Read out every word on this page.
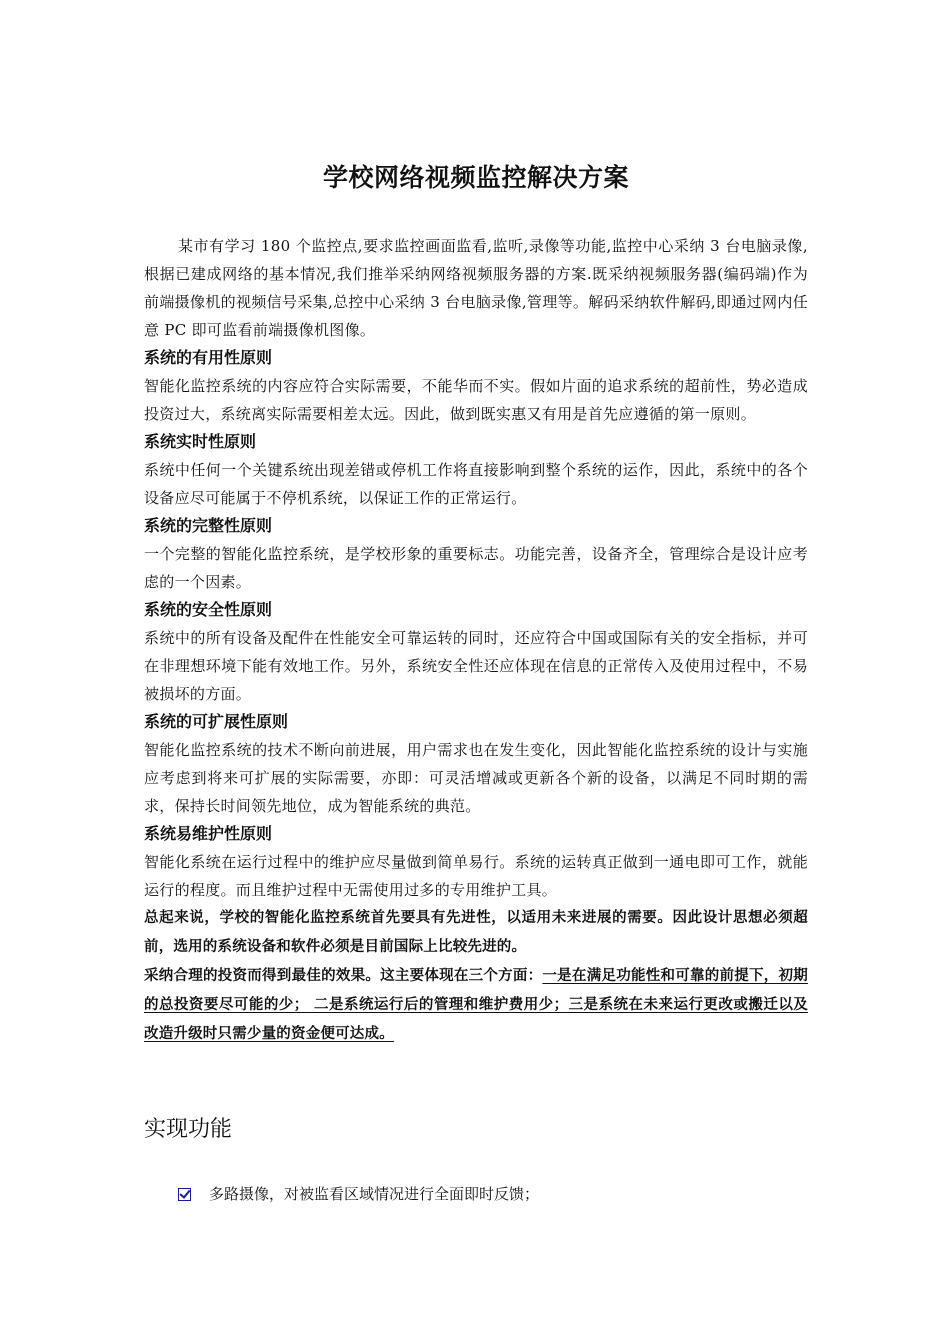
学校网络视频监控解决方案

某市有学习 180 个监控点,要求监控画面监看,监听,录像等功能,监控中心采纳 3 台电脑录像,根据已建成网络的基本情况,我们推举采纳网络视频服务器的方案.既采纳视频服务器(编码端)作为前端摄像机的视频信号采集,总控中心采纳 3 台电脑录像,管理等。解码采纳软件解码,即通过网内任意 PC 即可监看前端摄像机图像。

系统的有用性原则

智能化监控系统的内容应符合实际需要，不能华而不实。假如片面的追求系统的超前性，势必造成投资过大，系统离实际需要相差太远。因此，做到既实惠又有用是首先应遵循的第一原则。

系统实时性原则

系统中任何一个关键系统出现差错或停机工作将直接影响到整个系统的运作，因此，系统中的各个设备应尽可能属于不停机系统，以保证工作的正常运行。

系统的完整性原则

一个完整的智能化监控系统，是学校形象的重要标志。功能完善，设备齐全，管理综合是设计应考虑的一个因素。

系统的安全性原则

系统中的所有设备及配件在性能安全可靠运转的同时，还应符合中国或国际有关的安全指标，并可在非理想环境下能有效地工作。另外，系统安全性还应体现在信息的正常传入及使用过程中，不易被损坏的方面。

系统的可扩展性原则

智能化监控系统的技术不断向前进展，用户需求也在发生变化，因此智能化监控系统的设计与实施应考虑到将来可扩展的实际需要，亦即：可灵活增减或更新各个新的设备，以满足不同时期的需求，保持长时间领先地位，成为智能系统的典范。

系统易维护性原则

智能化系统在运行过程中的维护应尽量做到简单易行。系统的运转真正做到一通电即可工作，就能运行的程度。而且维护过程中无需使用过多的专用维护工具。

总起来说，学校的智能化监控系统首先要具有先进性，以适用未来进展的需要。因此设计思想必须超前，选用的系统设备和软件必须是目前国际上比较先进的。

采纳合理的投资而得到最佳的效果。这主要体现在三个方面：一是在满足功能性和可靠的前提下，初期的总投资要尽可能的少； 二是系统运行后的管理和维护费用少；三是系统在未来运行更改或搬迁以及改造升级时只需少量的资金便可达成。

实现功能
多路摄像，对被监看区域情况进行全面即时反馈；
